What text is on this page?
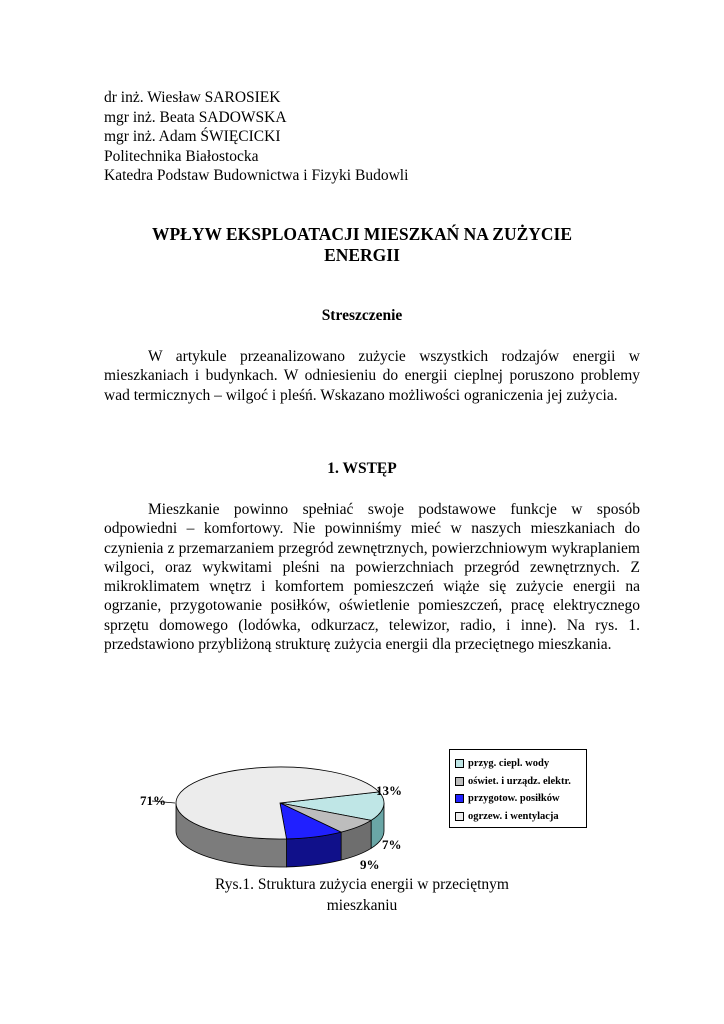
dr inż. Wiesław SAROSIEK
mgr inż. Beata SADOWSKA
mgr inż. Adam ŚWIĘCICKI
Politechnika Białostocka
Katedra Podstaw Budownictwa i Fizyki Budowli
WPŁYW EKSPLOATACJI MIESZKAŃ NA ZUŻYCIE
ENERGII
Streszczenie
W artykule przeanalizowano zużycie wszystkich rodzajów energii w mieszkaniach i budynkach. W odniesieniu do energii cieplnej poruszono problemy wad termicznych – wilgoć i pleśń. Wskazano możliwości ograniczenia jej zużycia.
1. WSTĘP
Mieszkanie powinno spełniać swoje podstawowe funkcje w sposób odpowiedni – komfortowy. Nie powinniśmy mieć w naszych mieszkaniach do czynienia z przemarzaniem przegród zewnętrznych, powierzchniowym wykraplaniem wilgoci, oraz wykwitami pleśni na powierzchniach przegród zewnętrznych. Z mikroklimatem wnętrz i komfortem pomieszczeń wiąże się zużycie energii na ogrzanie, przygotowanie posiłków, oświetlenie pomieszczeń, pracę elektrycznego sprzętu domowego (lodówka, odkurzacz, telewizor, radio, i inne). Na rys. 1. przedstawiono przybliżoną strukturę zużycia energii dla przeciętnego mieszkania.
71%
13%
7%
9%
przyg. ciepl. wody
oświet. i urządz. elektr.
przygotow. posiłków
ogrzew. i wentylacja
Rys.1. Struktura zużycia energii w przeciętnym
mieszkaniu
